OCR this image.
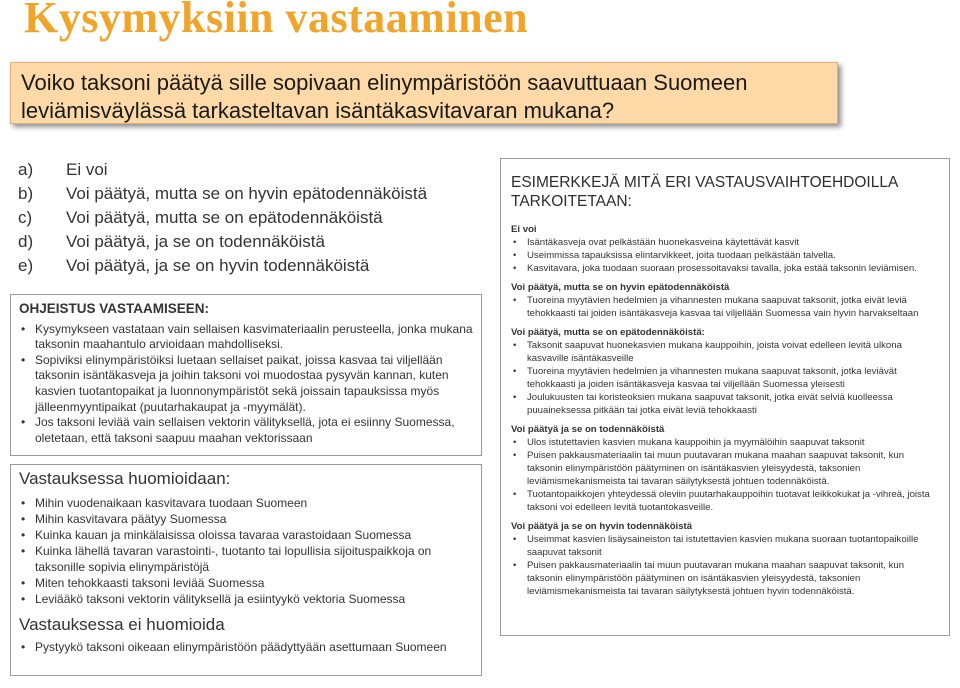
Kysymyksiin vastaaminen
Voiko taksoni päätyä sille sopivaan elinympäristöön saavuttuaan Suomeen
leviämisväylässä tarkasteltavan isäntäkasvitavaran mukana?
a)	Ei voi
b)	Voi päätyä, mutta se on hyvin epätodennäköistä
c)	Voi päätyä, mutta se on epätodennäköistä
d)	Voi päätyä, ja se on todennäköistä
e)	Voi päätyä, ja se on hyvin todennäköistä
OHJEISTUS VASTAAMISEEN:
• Kysymykseen vastataan vain sellaisen kasvimateriaalin perusteella, jonka mukana taksonin maahantulo arvioidaan mahdolliseksi.
• Sopiviksi elinympäristöiksi luetaan sellaiset paikat, joissa kasvaa tai viljellään taksonin isäntäkasveja ja joihin taksoni voi muodostaa pysyvän kannan, kuten kasvien tuotantopaikat ja luonnonympäristöt sekä joissain tapauksissa myös jälleenmyyntipaikat (puutarhakaupat ja -myymälät).
• Jos taksoni leviää vain sellaisen vektorin välityksellä, jota ei esiinny Suomessa, oletetaan, että taksoni saapuu maahan vektorissaan
Vastauksessa huomioidaan:
• Mihin vuodenaikaan kasvitavara tuodaan Suomeen
• Mihin kasvitavara päätyy Suomessa
• Kuinka kauan ja minkälaisissa oloissa tavaraa varastoidaan Suomessa
• Kuinka lähellä tavaran varastointi-, tuotanto tai lopullisia sijoituspaikkoja on taksonille sopivia elinympäristöjä
• Miten tehokkaasti taksoni leviää Suomessa
• Leviääkö taksoni vektorin välityksellä ja esiintyykö vektoria Suomessa
Vastauksessa ei huomioida
• Pystyykö taksoni oikeaan elinympäristöön päädyttyään asettumaan Suomeen
ESIMERKKEJÄ MITÄ ERI VASTAUSVAIHTOEHDOILLA TARKOITETAAN:
Ei voi
• Isäntäkasveja ovat pelkästään huonekasveina käytettävät kasvit
• Useimmissa tapauksissa elintarvikkeet, joita tuodaan pelkästään talvella.
• Kasvitavara, joka tuodaan suoraan prosessoitavaksi tavalla, joka estää taksonin leviämisen.
Voi päätyä, mutta se on hyvin epätodennäköistä
• Tuoreina myytävien hedelmien ja vihannesten mukana saapuvat taksonit, jotka eivät leviä tehokkaasti tai joiden isäntäkasveja kasvaa tai viljellään Suomessa vain hyvin harvakseltaan
Voi päätyä, mutta se on epätodennäköistä:
• Taksonit saapuvat huonekasvien mukana kauppoihin, joista voivat edelleen levitä ulkona kasvaville isäntäkasveille
• Tuoreina myytävien hedelmien ja vihannesten mukana saapuvat taksonit, jotka leviävät tehokkaasti ja joiden isäntäkasveja kasvaa tai viljellään Suomessa yleisesti
• Joulukuusten tai koristeoksien mukana saapuvat taksonit, jotka eivät selviä kuolleessa puuaineksessa pitkään tai jotka eivät leviä tehokkaasti
Voi päätyä ja se on todennäköistä
• Ulos istutettavien kasvien mukana kauppoihin ja myymälöihin saapuvat taksonit
• Puisen pakkausmateriaalin tai muun puutavaran mukana maahan saapuvat taksonit, kun taksonin elinympäristöön päätyminen on isäntäkasvien yleisyydestä, taksonien leviämismekanismeista tai tavaran säilytyksestä johtuen todennäköistä.
• Tuotantopaikkojen yhteydessä oleviin puutarhakauppoihin tuotavat leikkokukat ja -vihreä, joista taksoni voi edelleen levitä tuotantokasveille.
Voi päätyä ja se on hyvin todennäköistä
• Useimmat kasvien lisäysaineiston tai istutettavien kasvien mukana suoraan tuotantopaikoille saapuvat taksonit
• Puisen pakkausmateriaalin tai muun puutavaran mukana maahan saapuvat taksonit, kun taksonin elinympäristöön päätyminen on isäntäkasvien yleisyydestä, taksonien leviämismekanismeista tai tavaran säilytyksestä johtuen hyvin todennäköistä.
